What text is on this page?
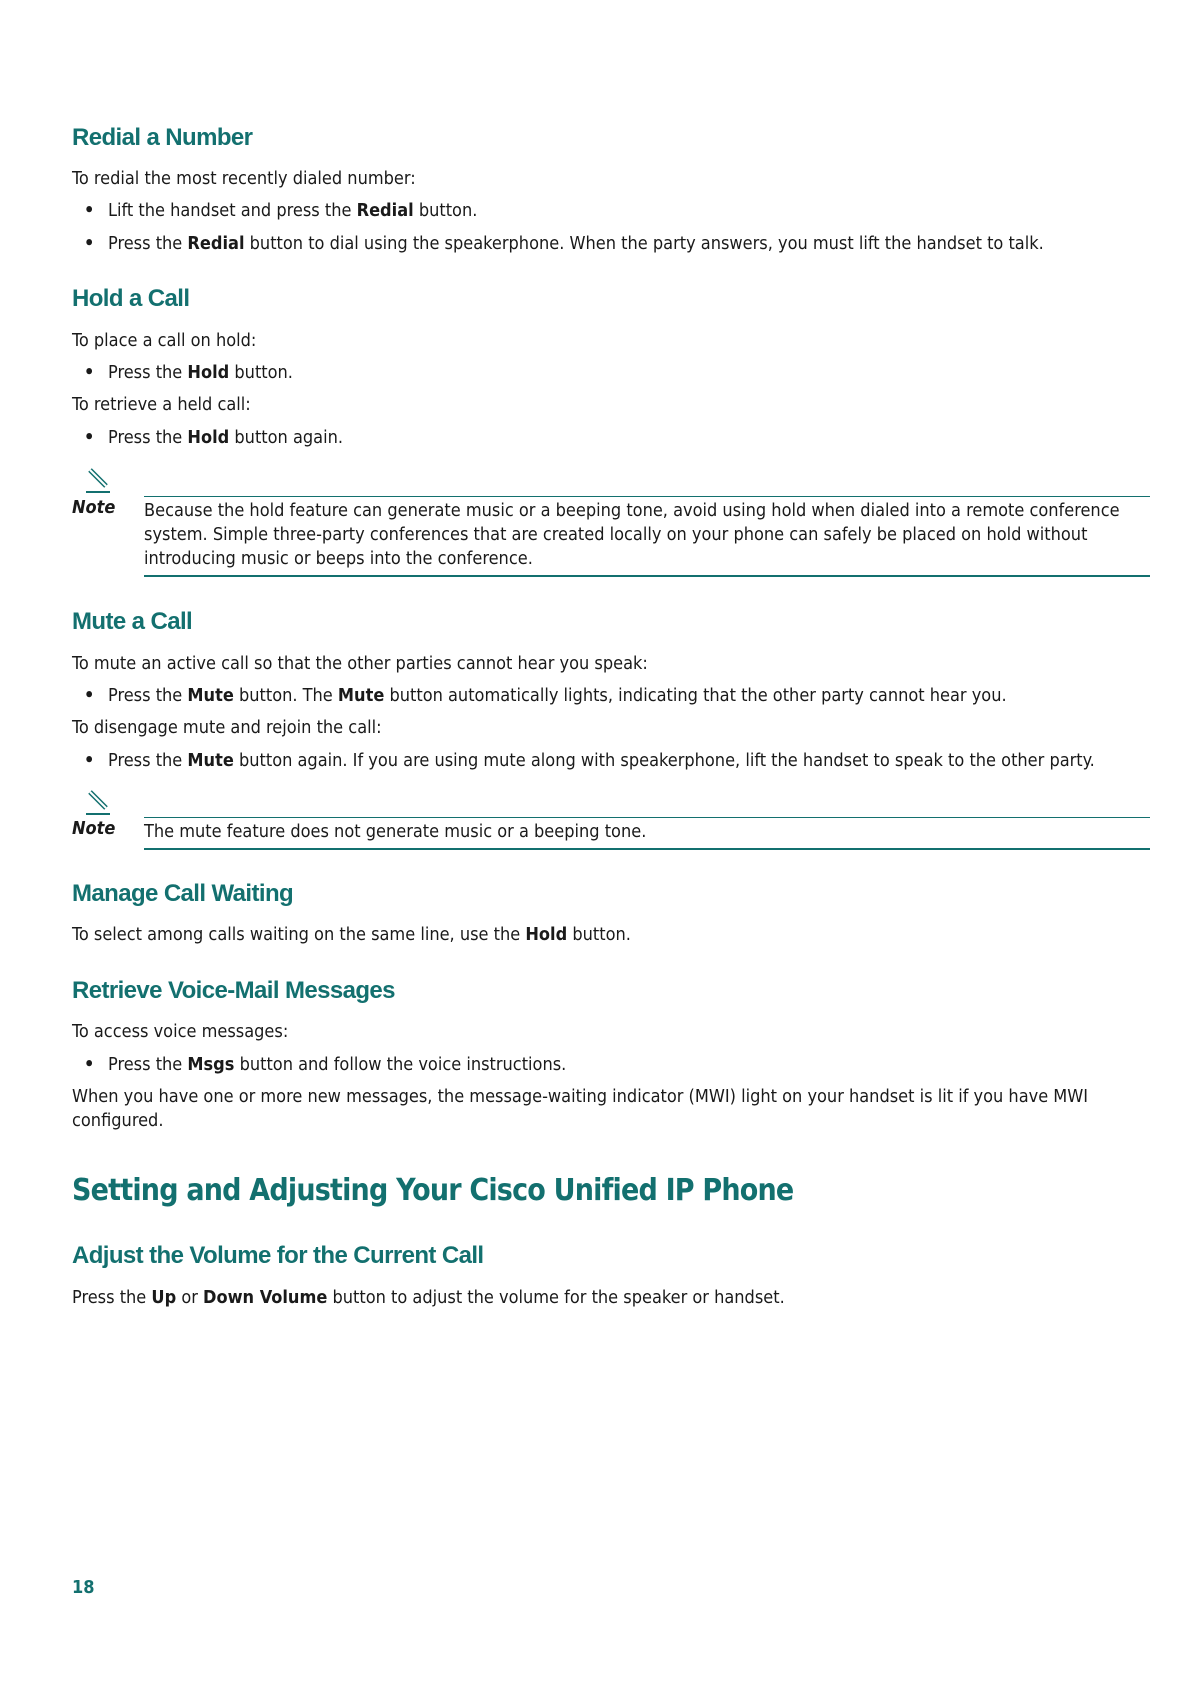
Redial a Number

To redial the most recently dialed number:

• Lift the handset and press the Redial button.

• Press the Redial button to dial using the speakerphone. When the party answers, you must lift the handset to talk.

Hold a Call

To place a call on hold:

• Press the Hold button.

To retrieve a held call:

• Press the Hold button again.

Note Because the hold feature can generate music or a beeping tone, avoid using hold when dialed into a remote conference system. Simple three-party conferences that are created locally on your phone can safely be placed on hold without introducing music or beeps into the conference.
Mute a Call

To mute an active call so that the other parties cannot hear you speak:

• Press the Mute button. The Mute button automatically lights, indicating that the other party cannot hear you.

To disengage mute and rejoin the call:

• Press the Mute button again. If you are using mute along with speakerphone, lift the handset to speak to the other party.

Note The mute feature does not generate music or a beeping tone.
Manage Call Waiting

To select among calls waiting on the same line, use the Hold button.

Retrieve Voice-Mail Messages

To access voice messages:

• Press the Msgs button and follow the voice instructions.

When you have one or more new messages, the message-waiting indicator (MWI) light on your handset is lit if you have MWI configured.

Setting and Adjusting Your Cisco Unified IP Phone
Adjust the Volume for the Current Call

Press the Up or Down Volume button to adjust the volume for the speaker or handset.

18
